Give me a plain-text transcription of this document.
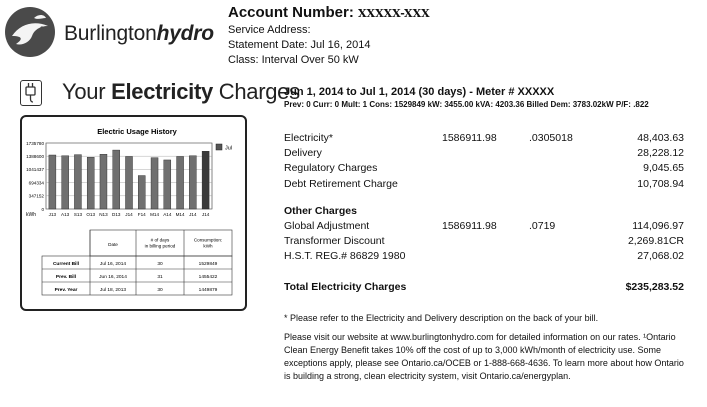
Burlingtonhydro
Account Number: XXXXX-XXX
Service Address:
Statement Date: Jul 16, 2014
Class: Interval Over 50 kW
Your Electricity Charges
Jun 1, 2014 to Jul 1, 2014 (30 days) - Meter # XXXXX
Prev: 0 Curr: 0 Mult: 1 Cons: 1529849 kW: 3455.00 kVA: 4203.36 Billed Dem: 3783.02kW P/F: .822
Electric Usage History
1735780
1388600
1041437
694334
347152
0
J13 A13 S13 O13 N13 D13 J14 F14 M14 A14 M14 J14 J14
Jul
kWh
Date
# of days in billing period
Consumption: kWh
Current Bill	Jul 16, 2014	30	1529849
Prev. Bill	Jun 16, 2014	31	1455422
Prev. Year	Jul 18, 2013	30	1449879
Electricity*	1586911.98	.0305018	48,403.63
Delivery	28,228.12
Regulatory Charges	9,045.65
Debt Retirement Charge	10,708.94
Other Charges
Global Adjustment	1586911.98	.0719	114,096.97
Transformer Discount	2,269.81CR
H.S.T. REG.# 86829 1980	27,068.02
Total Electricity Charges	$235,283.52

* Please refer to the Electricity and Delivery description on the back of your bill.

Please visit our website at www.burlingtonhydro.com for detailed information on our rates. ¹Ontario Clean Energy Benefit takes 10% off the cost of up to 3,000 kWh/month of electricity use. Some exceptions apply, please see Ontario.ca/OCEB or 1-888-668-4636. To learn more about how Ontario is building a strong, clean electricity system, visit Ontario.ca/energyplan.
